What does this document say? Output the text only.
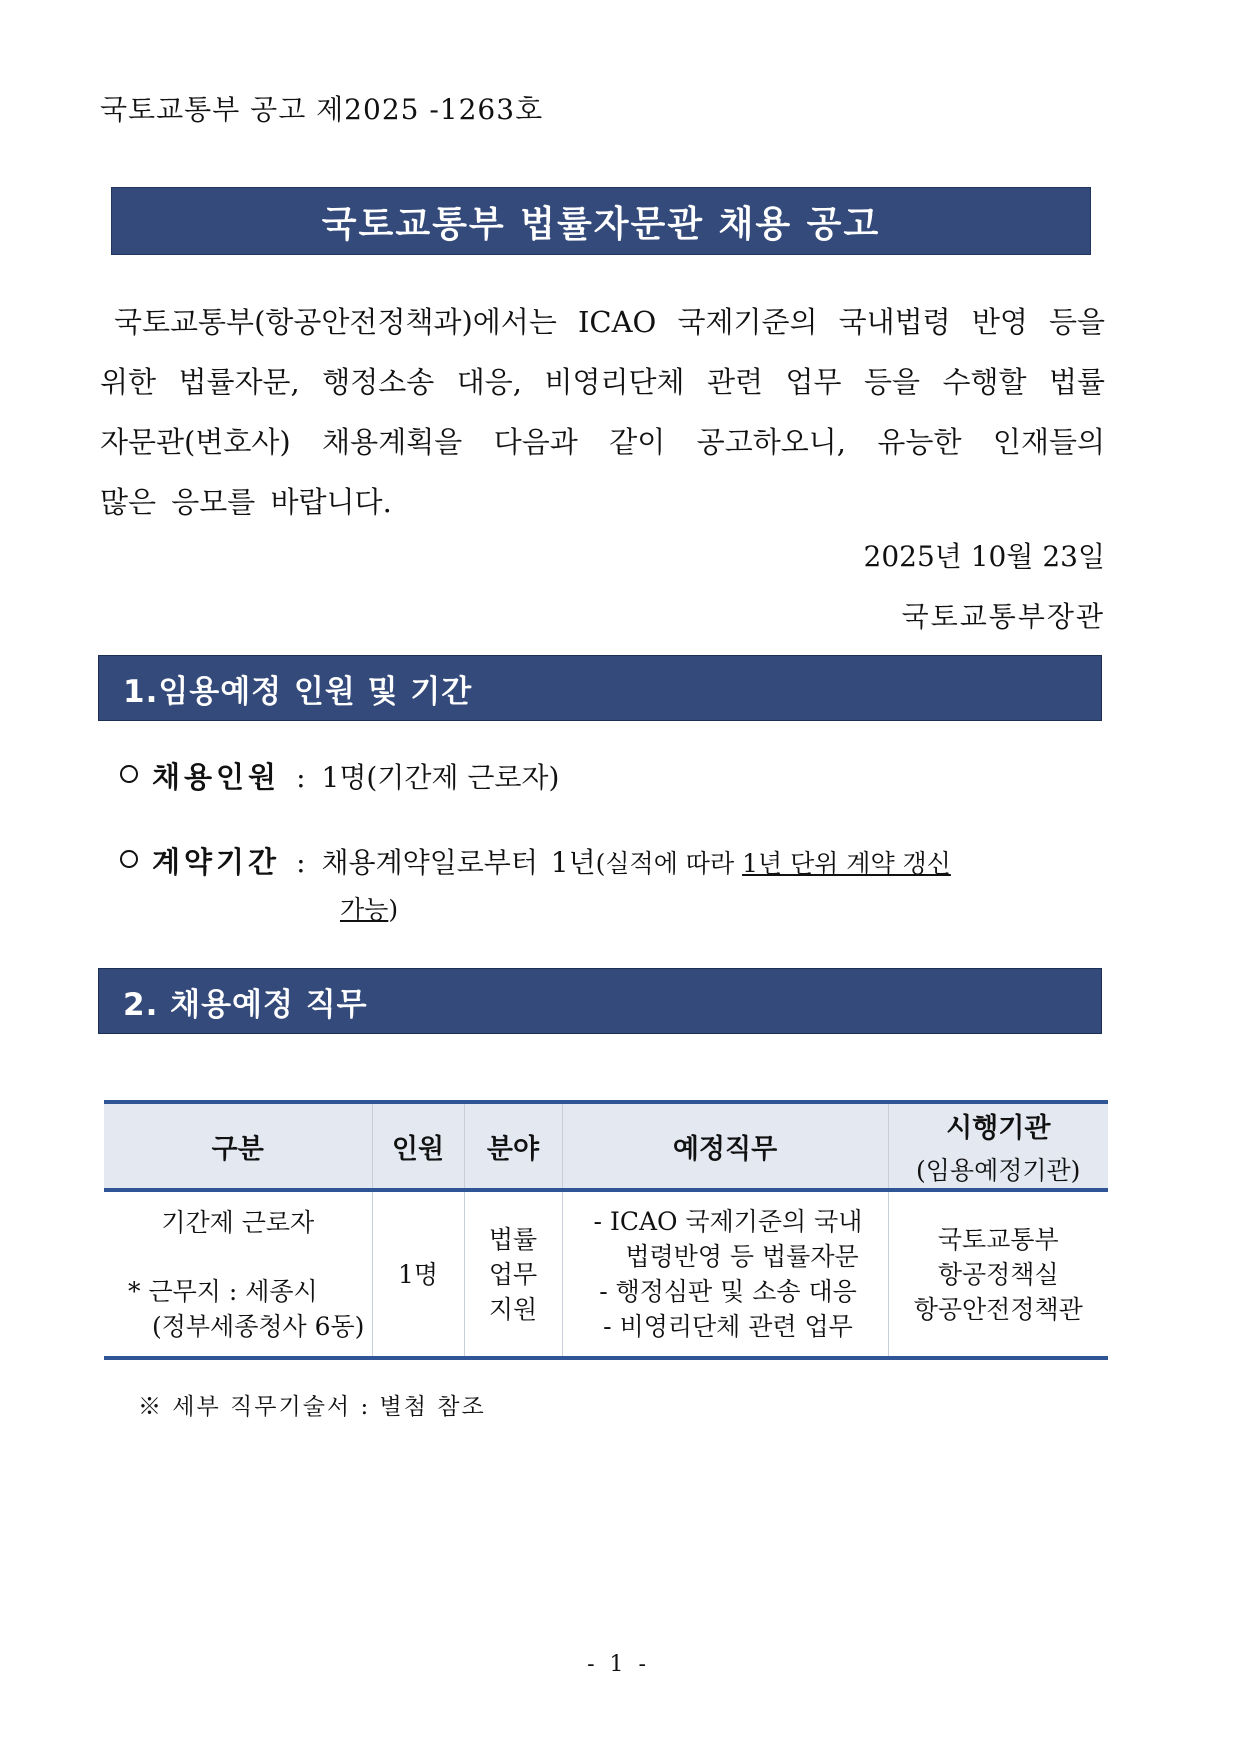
국토교통부 공고 제2025 -1263호
국토교통부 법률자문관 채용 공고
국토교통부(항공안전정책과)에서는 ICAO 국제기준의 국내법령 반영 등을
위한 법률자문, 행정소송 대응, 비영리단체 관련 업무 등을 수행할 법률
자문관(변호사) 채용계획을 다음과 같이 공고하오니, 유능한 인재들의
많은 응모를 바랍니다.
2025년 10월 23일
국토교통부장관
1.임용예정 인원 및 기간
채용인원 : 1명(기간제 근로자)
계약기간 : 채용계약일로부터 1년(실적에 따라 1년 단위 계약 갱신
가능)
2. 채용예정 직무
구분	인원	분야	예정직무	시행기관
(임용예정기관)

기간제 근로자
* 근무지 : 세종시
(정부세종청사 6동)	1명	법률
업무
지원	- ICAO 국제기준의 국내
법령반영 등 법률자문
- 행정심판 및 소송 대응
- 비영리단체 관련 업무	국토교통부
항공정책실
항공안전정책관
※ 세부 직무기술서 : 별첨 참조
- 1 -
